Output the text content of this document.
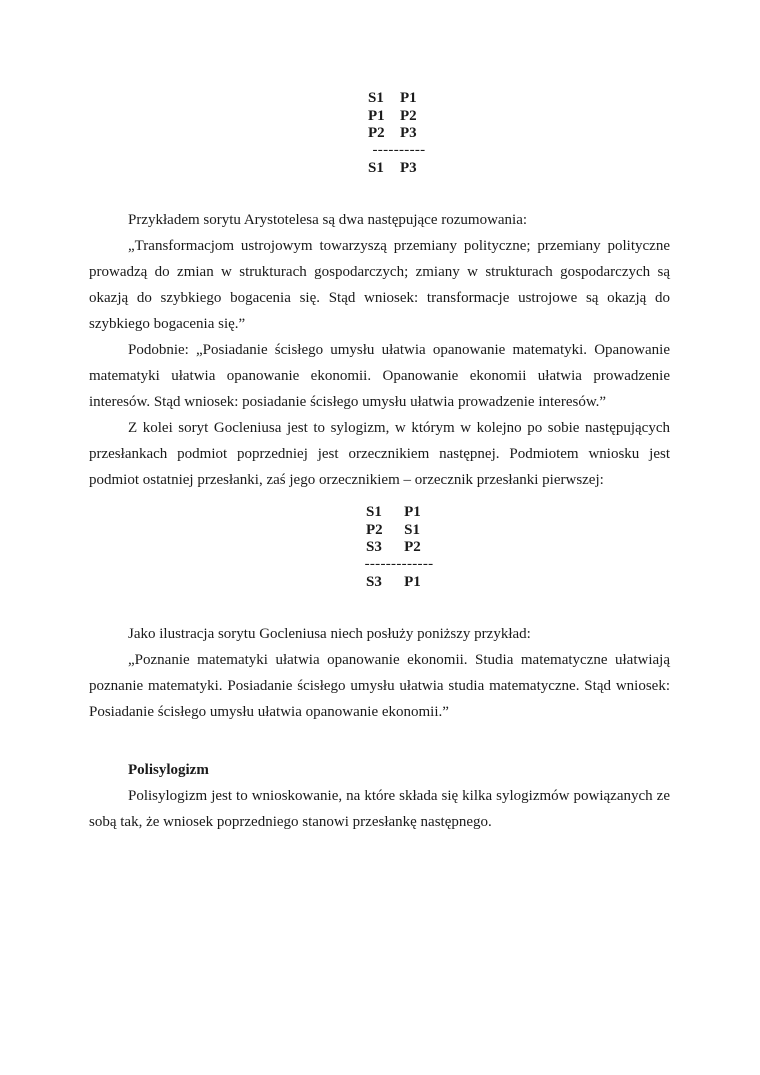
S1	P1
P1	P2
P2	P3
----------
S1	P3

Przykładem sorytu Arystotelesa są dwa następujące rozumowania:

„Transformacjom ustrojowym towarzyszą przemiany polityczne; przemiany polityczne prowadzą do zmian w strukturach gospodarczych; zmiany w strukturach gospodarczych są okazją do szybkiego bogacenia się. Stąd wniosek: transformacje ustrojowe są okazją do szybkiego bogacenia się.”

Podobnie: „Posiadanie ścisłego umysłu ułatwia opanowanie matematyki. Opanowanie matematyki ułatwia opanowanie ekonomii. Opanowanie ekonomii ułatwia prowadzenie interesów. Stąd wniosek: posiadanie ścisłego umysłu ułatwia prowadzenie interesów.”

Z kolei soryt Gocleniusa jest to sylogizm, w którym w kolejno po sobie następujących przesłankach podmiot poprzedniej jest orzecznikiem następnej. Podmiotem wniosku jest podmiot ostatniej przesłanki, zaś jego orzecznikiem – orzecznik przesłanki pierwszej:

S1	P1
P2	S1
S3	P2
-------------
S3	P1

Jako ilustracja sorytu Gocleniusa niech posłuży poniższy przykład:

„Poznanie matematyki ułatwia opanowanie ekonomii. Studia matematyczne ułatwiają poznanie matematyki. Posiadanie ścisłego umysłu ułatwia studia matematyczne. Stąd wniosek: Posiadanie ścisłego umysłu ułatwia opanowanie ekonomii.”

Polisylogizm

Polisylogizm jest to wnioskowanie, na które składa się kilka sylogizmów powiązanych ze sobą tak, że wniosek poprzedniego stanowi przesłankę następnego.
